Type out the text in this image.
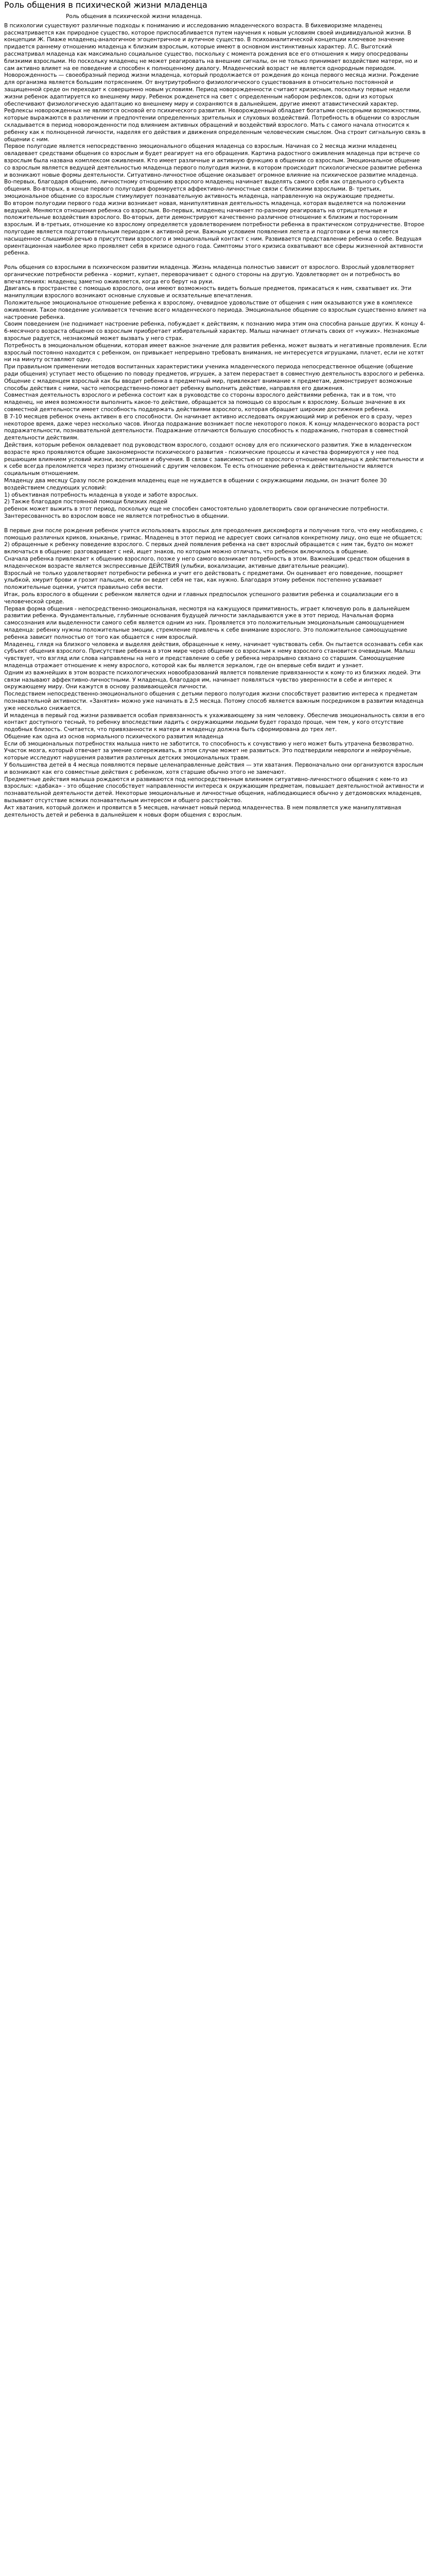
Роль общения в психической жизни младенца
Роль общения в психической жизни младенца.

В психологии существуют различные подходы к пониманию и исследованию младенческого возраста. В бихевиоризме младенец рассматривается как природное существо, которое приспосабливается путем научения к новым условиям своей индивидуальной жизни. В концепции Ж. Пиаже младенец-аналогичное эгоцентричное и аутичное существо. В психоаналитической концепции ключевое значение придается раннему отношению младенца к близким взрослым, которые имеют в основном инстинктивных характер. Л.С. Выготский рассматривал младенца как максимально социальное существо, поскольку с момента рождения все его отношения к миру опосредованы близкими взрослыми. Но поскольку младенец не может реагировать на внешние сигналы, он не только принимает воздействие матери, но и сам активно влияет на ее поведение и способен к полноценному диалогу. Младенческий возраст не является однородным периодом.

Новорожденность — своеобразный период жизни младенца, который продолжается от рождения до конца первого месяца жизни. Рождение для организма является большим потрясением. От внутриутробного физиологического существования в относительно постоянной и защищенной среде он переходит к совершенно новым условиям. Период новорожденности считают кризисным, поскольку первые недели жизни ребенок адаптируется ко внешнему миру. Ребенок рожденется на свет с определенным набором рефлексов, одни из которых обеспечивают физиологическую адаптацию ко внешнему миру и сохраняются в дальнейшем, другие имеют атавистический характер. Рефлексы новорожденных не являются основой его психического развития. Новорожденный обладает богатыми сенсорными возможностями, которые выражаются в различении и предпочтении определенных зрительных и слуховых воздействий. Потребность в общении со взрослым складывается в период новорожденности под влиянием активных обращений и воздействий взрослого. Мать с самого начала относится к ребенку как к полноценной личности, наделяя его действия и движения определенным человеческим смыслом. Она строит сигнальную связь в общении с ним.

Первое полугодие является непосредственно эмоционального общения младенца со взрослым. Начиная со 2 месяца жизни младенец овладевает средствами общения со взрослым и будет реагирует на его обращения. Картина радостного оживления младенца при встрече со взрослым была названа комплексом оживления. Кто имеет различные и активную функцию в общении со взрослым. Эмоциональное общение со взрослым является ведущей деятельностью младенца первого полугодия жизни, в котором происходит психологическое развитие ребенка и возникают новые формы деятельности. Ситуативно-личностное общение оказывает огромное влияние на психическое развитие младенца. Во-первых, благодаря общению, личностному отношению взрослого младенец начинает выделять самого себя как отдельного субъекта общения. Во-вторых, в конце первого полугодия формируется аффективно-личностные связи с близкими взрослыми. В- третьих, эмоциональное общение со взрослым стимулирует познавательную активность младенца, направленную на окружающие предметы.

Во втором полугодии первого года жизни возникает новая, манипулятивная деятельность младенца, которая выделяется на положении ведущей. Меняются отношения ребенка со взрослым. Во-первых, младенец начинает по-разному реагировать на отрицательные и положительные воздействия взрослого. Во-вторых, дети демонстрируют качественно различное отношение к близким и посторонним взрослым. И в-третьих, отношение ко взрослому определяется удовлетворением потребности ребенка в практическом сотрудничестве. Второе полугодие является подготовительным периодом к активной речи. Важным условием появления лепета и подготовки к речи является насыщенное слышимой речью в присутствии взрослого и эмоциональный контакт с ним. Развивается представление ребенка о себе. Ведущая ориентационная наиболее ярко проявляет себя в кризисе одного года. Симптомы этого кризиса охватывают все сферы жизненной активности ребенка.

Роль общения со взрослыми в психическом развитии младенца. Жизнь младенца полностью зависит от взрослого. Взрослый удовлетворяет органические потребности ребенка - кормит, купает, переворачивает с одного стороны на другую. Удовлетворяет он и потребность во впечатлениях: младенец заметно оживляется, когда его берут на руки.

Двигаясь в пространстве с помощью взрослого, они имеют возможность видеть больше предметов, прикасаться к ним, схватывает их. Эти манипуляции взрослого возникают основные слуховые и осязательные впечатления.

Положительное эмоциональное отношение ребенка к взрослому, очевидное удовольствие от общения с ним оказываются уже в комплексе оживления. Такое поведение усиливается течение всего младенческого периода. Эмоциональное общение со взрослым существенно влияет на настроение ребенка.

Своим поведением (не поднимает настроение ребенка, побуждает к действиям, к познанию мира этим она способна раньше других. К концу 4-6-месячного возраста общение со взрослым приобретает избирательный характер. Малыш начинает отличать своих от «чужих». Незнакомые взрослые радуется, незнакомый может вызвать у него страх.

Потребность в эмоциональном общении, которая имеет важное значение для развития ребенка, может вызвать и негативные проявления. Если взрослый постоянно находится с ребенком, он привыкает непрерывно требовать внимания, не интересуется игрушками, плачет, если не хотят ни на минуту оставляют одну.

При правильном применении методов воспитанных характеристики ученика младенческого периода непосредственное общение (общение ради общения) уступает место общению по поводу предметов, игрушек, а затем перерастает в совместную деятельность взрослого и ребенка.

Общение с младенцем взрослый как бы вводит ребенка в предметный мир, привлекает внимание к предметам, демонстрирует возможные способы действия с ними, часто непосредственно-помогает ребенку выполнить действие, направляя его движения.

Совместная деятельность взрослого и ребенка состоит как в руководстве со стороны взрослого действиями ребенка, так и в том, что младенец, не имея возможности выполнить какое-то действие, обращается за помощью со взрослым к взрослому. Больше значение в их совместной деятельности имеет способность поддержать действиями взрослого, которая обращает широкие достижения ребенка.

В 7-10 месяцев ребенок очень активен в его способности. Он начинает активно исследовать окружающий мир и ребенок его в сразу, через некоторое время, даже через несколько часов. Иногда подражание возникает после некоторого покоя. К концу младенческого возраста рост подражательности, познавательной деятельности. Подражание отличаются большую способность к подражанию, гноторая в совместной деятельности действиям.

Действия, которым ребенок овладевает под руководством взрослого, создают основу для его психического развития. Уже в младенческом возрасте ярко проявляются общие закономерности психического развития - психические процессы и качества формируются у нее под решающим влиянием условий жизни, воспитания и обучения. В связи с зависимостью от взрослого отношение младенца к действительности и к себе всегда преломляется через призму отношений с другим человеком. Те есть отношение ребенка к действительности является социальным отношением.

Младенцу два месяцу Сразу после рождения младенец еще не нуждается в общении с окружающими людьми, он значит более 30 воздействием следующих условий:

1) объективная потребность младенца в уходе и заботе взрослых.

2) Также благодаря постоянной помощи близких людей

ребенок может выжить в этот период, поскольку еще не способен самостоятельно удовлетворить свои органические потребности.

Зантересованность во взрослом вовсе не является потребностью в общении.

В первые дни после рождения ребенок учится использовать взрослых для преодоления дискомфорта и получения того, что ему необходимо, с помощью различных криков, хныканье, гримас. Младенец в этот период не адресует своих сигналов конкретному лицу, оно еще не общается;

2) обращенные к ребенку поведение взрослого. С первых дней появления ребенка на свет взрослый обращается с ним так, будто он может

включаться в общение: разговаривает с ней, ищет знаков, по которым можно отличать, что ребенок включилось в общение.

Сначала ребенка привлекает к общению взрослого, позже у него самого возникает потребность в этом. Важнейшим средством общения в младенческом возрасте является экспрессивные ДЕЙСТВИЯ (улыбки, вокализации, активные двигательные реакции).

Взрослый не только удовлетворяет потребности ребенка и учит его действовать с предметами. Он оценивает его поведение, поощряет улыбкой, хмурит брови и грозит пальцем, если он ведет себя не так, как нужно. Благодаря этому ребенок постепенно усваивает положительные оценки, учится правильно себя вести.

Итак, роль взрослого в общении с ребенком является одни и главных предпосылок успешного развития ребенка и социализации его в человеческой среде.

Первая форма общения - непосредственно-эмоциональная, несмотря на кажущуюся примитивность, играет ключевую роль в дальнейшем развитии ребенка. Фундаментальные, глубинные основания будущей личности закладываются уже в этот период. Начальная форма самосознания или выделенности самого себя является одним из них. Проявляется это положительным эмоциональным самоощущением младенца: ребенку нужны положительные эмоции, стремление привлечь к себе внимание взрослого. Это положительное самоощущение ребенка зависит полностью от того как общается с ним взрослый.

Младенец, глядя на близкого человека и выделяя действия, обращенные к нему, начинает чувствовать себя. Он пытается осознавать себя как субъект общения взрослого. Присутствие ребенка в этом мире через общение со взрослым к нему взрослого становится очевидным. Малыш чувствует, что взгляд или слова направлены на него и представление о себе у ребенка неразрывно связано со старшим. Самоощущение младенца отражает отношение к нему взрослого, которой как бы является зеркалом, где он впервые себя видит и узнает.

Одним из важнейших в этом возрасте психологических новообразований является появление привязанности к кому-то из близких людей. Эти связи называют аффективно-личностными. У младенца, благодаря им, начинает появляться чувство уверенности в себе и интерес к окружающему миру. Они кажутся в основу развивающейся личности.

Последствием непосредственно-эмоционального общения с детьми первого полугодия жизни способствует развитию интереса к предметам познавательной активности. «Занятия» можно уже начинать в 2,5 месяца. Потому способ является важным посредником в развитии младенца уже несколько снижается.

И младенца в первый год жизни развивается особая привязанность к ухаживающему за ним человеку. Обеспечив эмоциональность связи в его контакт доступного тесный, то ребенку впоследствии ладить с окружающими людьми будет гораздо проще, чем тем, у кого отсутствие подобных близость. Считается, что привязанности к матери и младенцу должна быть сформирована до трех лет.

Общение как одна из основ нормального психического развития младенца

Если об эмоциональных потребностях малыша никто не заботится, то способность к сочувствию у него может быть утрачена безвозвратно. Участок мозга, который отвечает за умение сопереживать, в этом случае может не развиться. Это подтвердили неврологи и нейроучёные, которые исследуют нарушения развития различных детских эмоциональных травм.

У большинства детей в 4 месяца появляются первые целенаправленные действия — эти хватания. Первоначально они организуются взрослым и возникают как его совместные действия с ребенком, хотя старшие обычно этого не замечают.

Предметные действия малыша рождаются и развиваются под непосредственным влиянием ситуативно-личностного общения с кем-то из взрослых: «дабака» - это общение способствует направленности интереса к окружающим предметам, повышает деятельностной активности и познавательной деятельности детей. Некоторые эмоциональные и личностные общения, наблюдающиеся обычно у детдомовских младенцев, вызывают отсутствие всяких познавательным интересом и общего расстройство.

Акт хватания, который должен и проявится в 5 месяцев, начинает новый период младенчества. В нем появляется уже манипулятивная деятельность детей и ребенка в дальнейшем к новых форм общения с взрослым.
